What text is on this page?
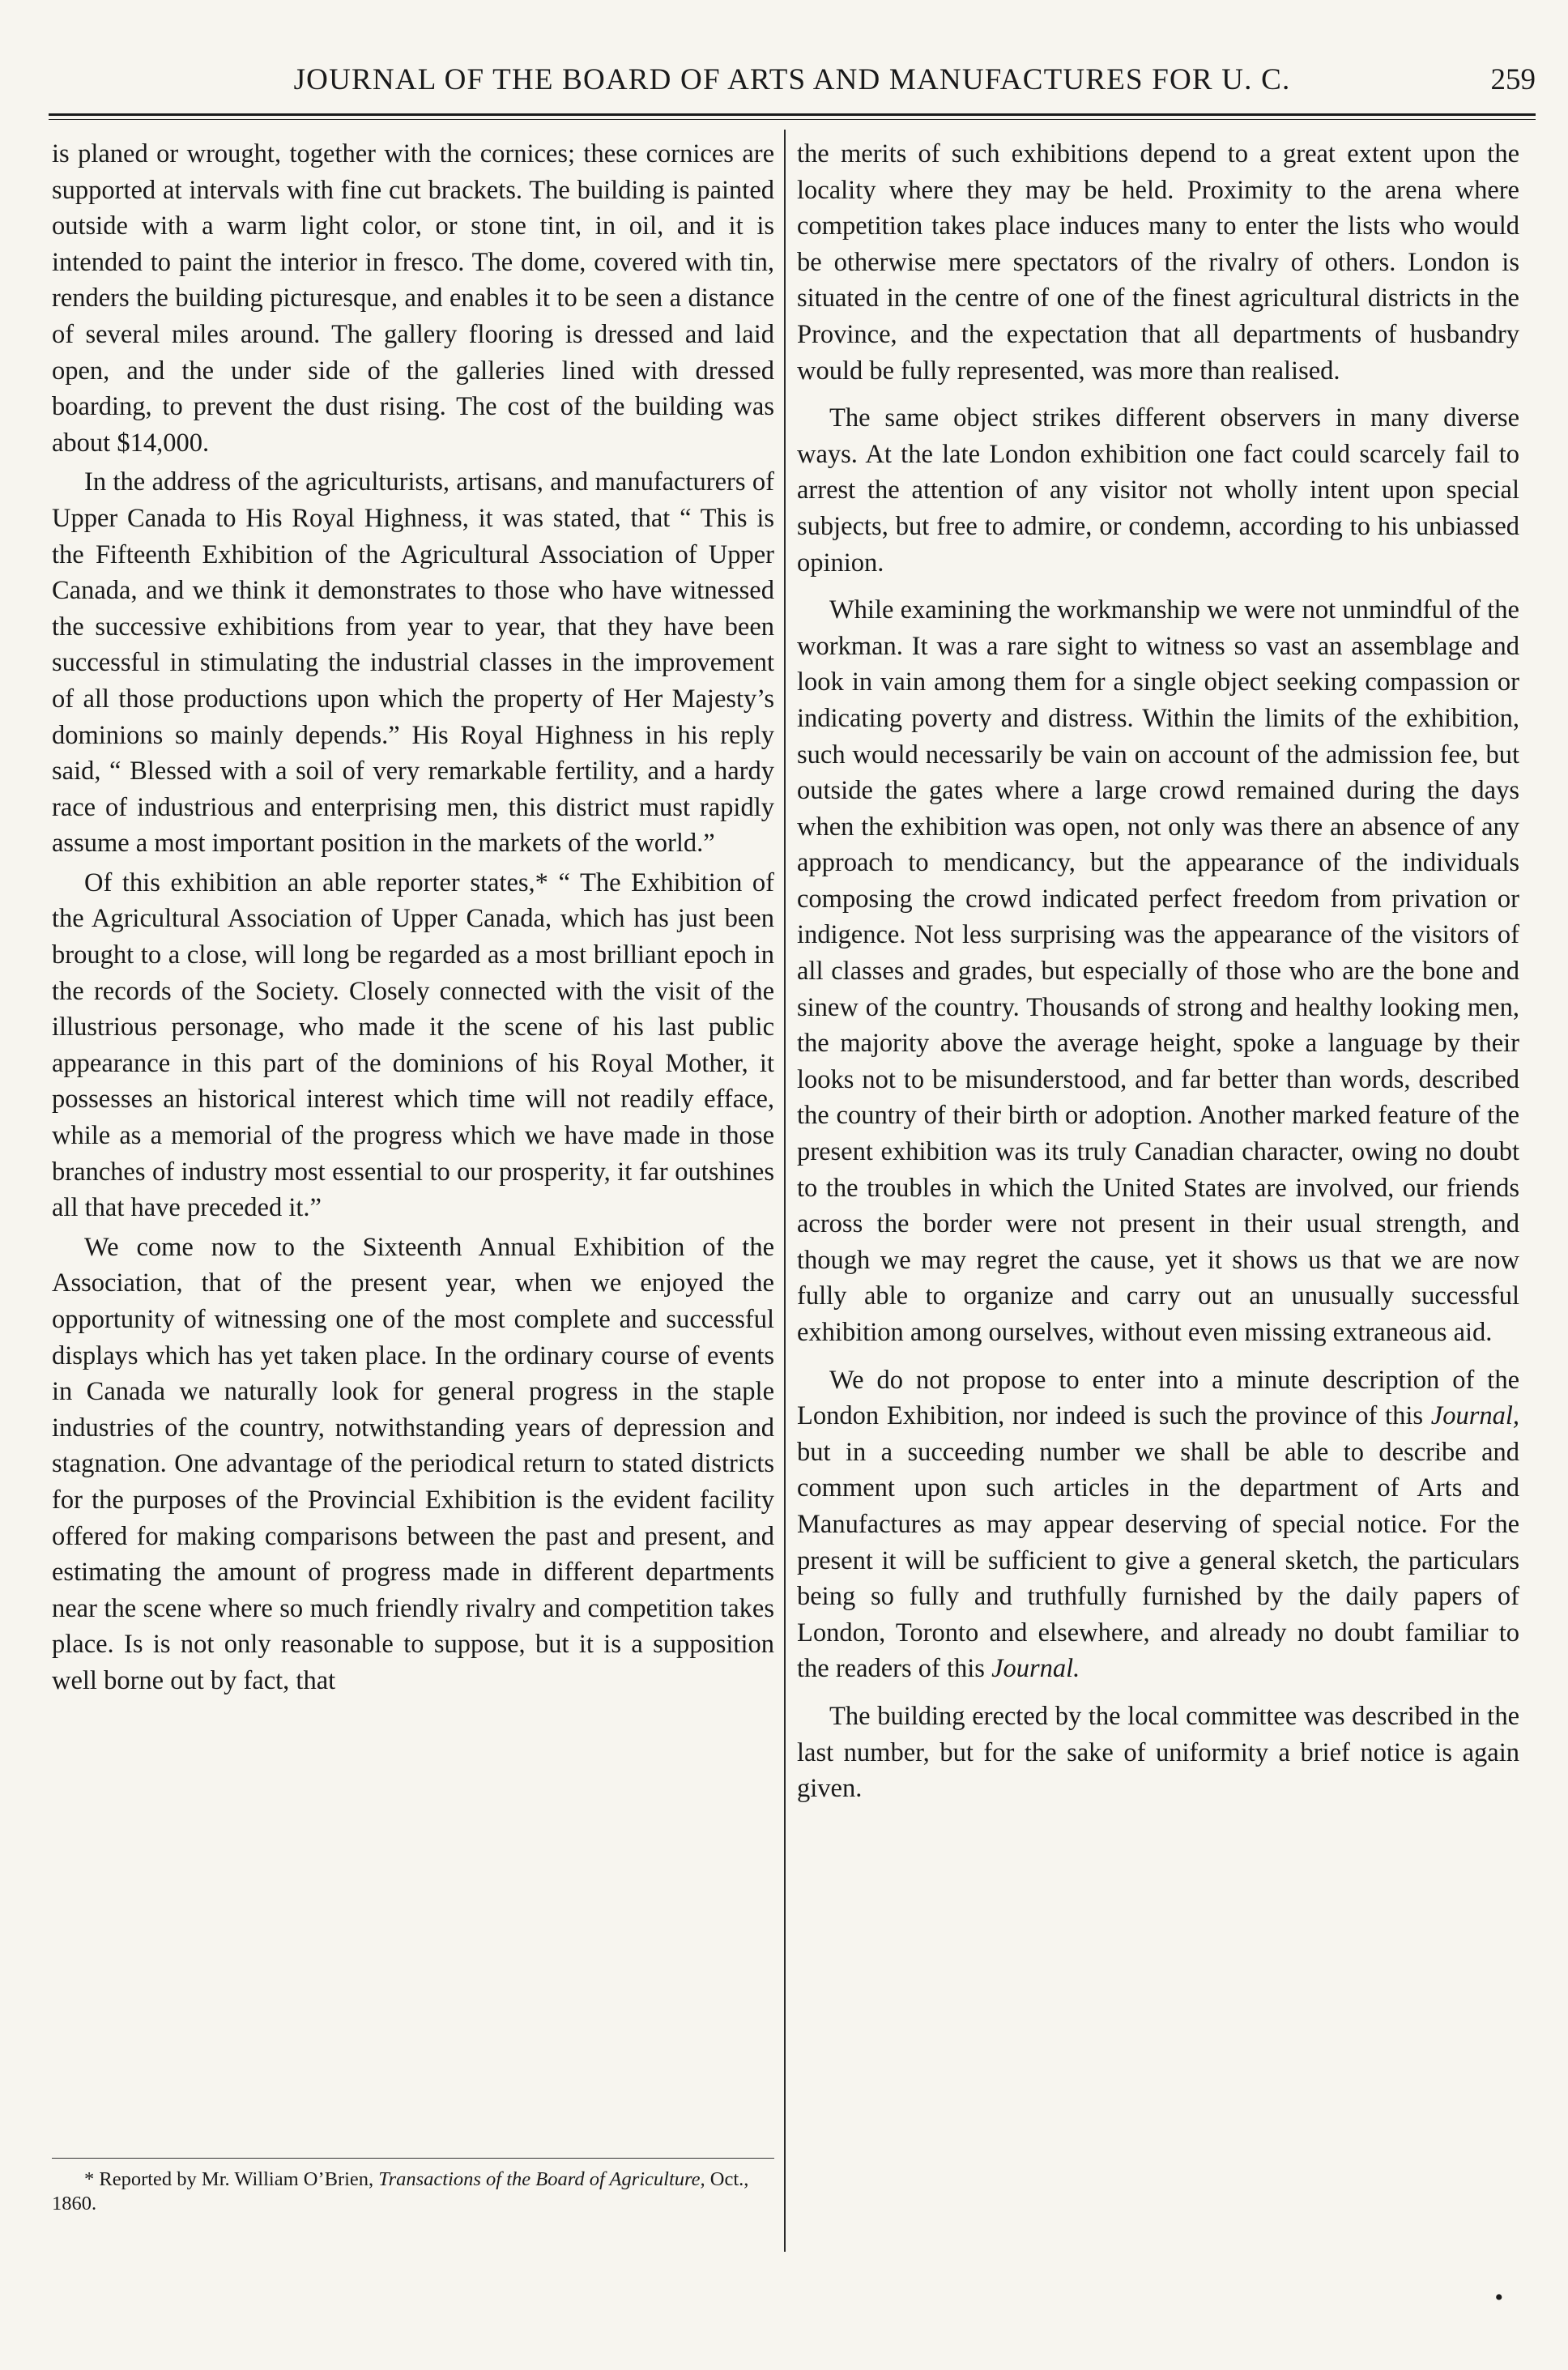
JOURNAL OF THE BOARD OF ARTS AND MANUFACTURES FOR U. C.	259

is planed or wrought, together with the cornices; these cornices are supported at intervals with fine cut brackets. The building is painted outside with a warm light color, or stone tint, in oil, and it is intended to paint the interior in fresco. The dome, covered with tin, renders the building picturesque, and enables it to be seen a distance of several miles around. The gallery flooring is dressed and laid open, and the under side of the galleries lined with dressed boarding, to prevent the dust rising. The cost of the building was about $14,000.

In the address of the agriculturists, artisans, and manufacturers of Upper Canada to His Royal Highness, it was stated, that “ This is the Fifteenth Exhibition of the Agricultural Association of Upper Canada, and we think it demonstrates to those who have witnessed the successive exhibitions from year to year, that they have been successful in stimulating the industrial classes in the improvement of all those productions upon which the property of Her Majesty’s dominions so mainly depends.” His Royal Highness in his reply said, “ Blessed with a soil of very remarkable fertility, and a hardy race of industrious and enterprising men, this district must rapidly assume a most important position in the markets of the world.”

Of this exhibition an able reporter states,* “ The Exhibition of the Agricultural Association of Upper Canada, which has just been brought to a close, will long be regarded as a most brilliant epoch in the records of the Society. Closely connected with the visit of the illustrious personage, who made it the scene of his last public appearance in this part of the dominions of his Royal Mother, it possesses an historical interest which time will not readily efface, while as a memorial of the progress which we have made in those branches of industry most essential to our prosperity, it far outshines all that have preceded it.”

We come now to the Sixteenth Annual Exhibition of the Association, that of the present year, when we enjoyed the opportunity of witnessing one of the most complete and successful displays which has yet taken place. In the ordinary course of events in Canada we naturally look for general progress in the staple industries of the country, notwithstanding years of depression and stagnation. One advantage of the periodical return to stated districts for the purposes of the Provincial Exhibition is the evident facility offered for making comparisons between the past and present, and estimating the amount of progress made in different departments near the scene where so much friendly rivalry and competition takes place. Is is not only reasonable to suppose, but it is a supposition well borne out by fact, that

the merits of such exhibitions depend to a great extent upon the locality where they may be held. Proximity to the arena where competition takes place induces many to enter the lists who would be otherwise mere spectators of the rivalry of others. London is situated in the centre of one of the finest agricultural districts in the Province, and the expectation that all departments of husbandry would be fully represented, was more than realised.

The same object strikes different observers in many diverse ways. At the late London exhibition one fact could scarcely fail to arrest the attention of any visitor not wholly intent upon special subjects, but free to admire, or condemn, according to his unbiassed opinion.

While examining the workmanship we were not unmindful of the workman. It was a rare sight to witness so vast an assemblage and look in vain among them for a single object seeking compassion or indicating poverty and distress. Within the limits of the exhibition, such would necessarily be vain on account of the admission fee, but outside the gates where a large crowd remained during the days when the exhibition was open, not only was there an absence of any approach to mendicancy, but the appearance of the individuals composing the crowd indicated perfect freedom from privation or indigence. Not less surprising was the appearance of the visitors of all classes and grades, but especially of those who are the bone and sinew of the country. Thousands of strong and healthy looking men, the majority above the average height, spoke a language by their looks not to be misunderstood, and far better than words, described the country of their birth or adoption. Another marked feature of the present exhibition was its truly Canadian character, owing no doubt to the troubles in which the United States are involved, our friends across the border were not present in their usual strength, and though we may regret the cause, yet it shows us that we are now fully able to organize and carry out an unusually successful exhibition among ourselves, without even missing extraneous aid.

We do not propose to enter into a minute description of the London Exhibition, nor indeed is such the province of this Journal, but in a succeeding number we shall be able to describe and comment upon such articles in the department of Arts and Manufactures as may appear deserving of special notice. For the present it will be sufficient to give a general sketch, the particulars being so fully and truthfully furnished by the daily papers of London, Toronto and elsewhere, and already no doubt familiar to the readers of this Journal.

The building erected by the local committee was described in the last number, but for the sake of uniformity a brief notice is again given.

* Reported by Mr. William O’Brien, Transactions of the Board of Agriculture, Oct., 1860.

•
